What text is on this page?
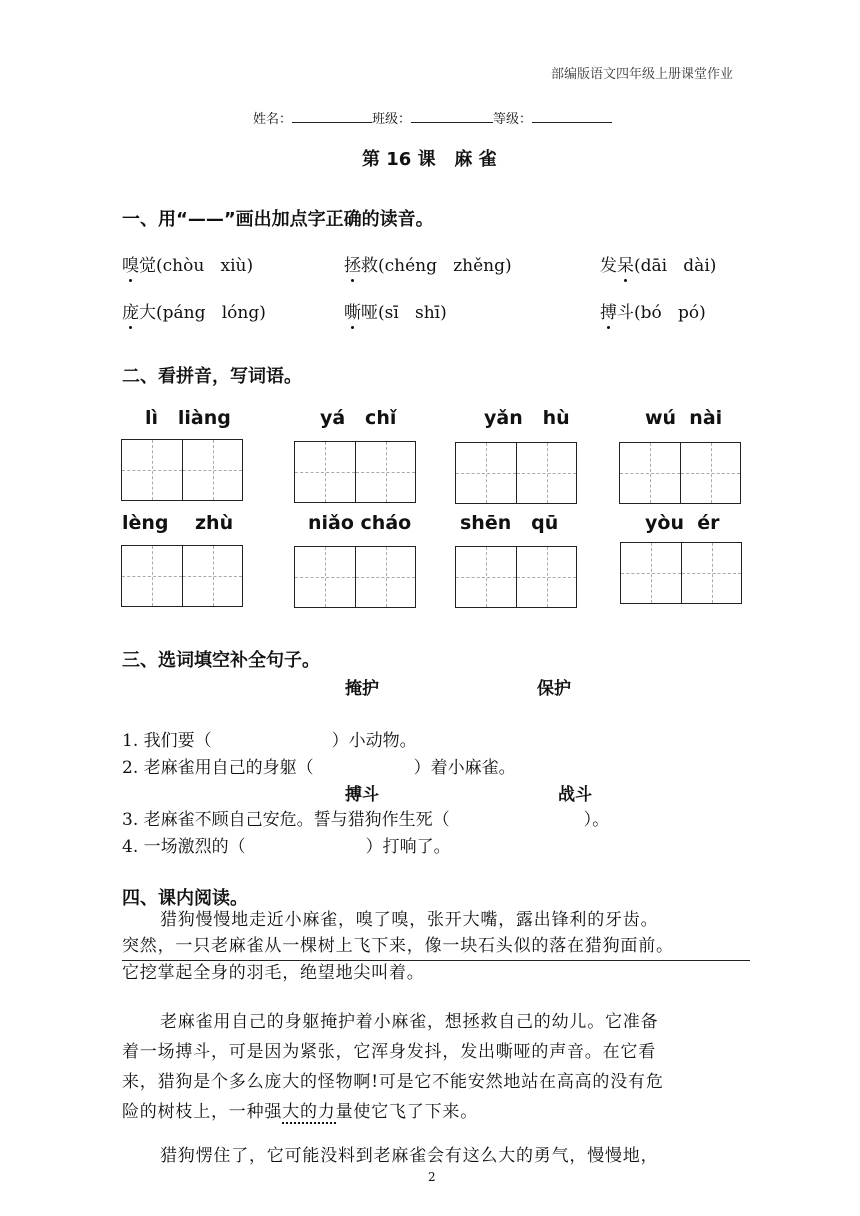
部编版语文四年级上册课堂作业
姓名：	班级：	等级：
第 16 课   麻 雀
一、用“——”画出加点字正确的读音。
嗅觉(chòu   xiù)	拯救(chéng   zhěng)	发呆(dāi   dài)
庞大(páng   lóng)	嘶哑(sī   shī)	搏斗(bó   pó)
二、看拼音，写词语。
lì   liàng	yá   chǐ	yǎn   hù	wú  nài
lèng    zhù	niǎo cháo	shēn   qū	yòu  ér
三、选词填空补全句子。
掩护	保护
1. 我们要（	）小动物。
2. 老麻雀用自己的身躯（	）着小麻雀。
搏斗	战斗
3. 老麻雀不顾自己安危。誓与猎狗作生死（	）。
4. 一场激烈的（	）打响了。
四、课内阅读。
猎狗慢慢地走近小麻雀，嗅了嗅，张开大嘴，露出锋利的牙齿。
突然，一只老麻雀从一棵树上飞下来，像一块石头似的落在猎狗面前。
它挖掌起全身的羽毛，绝望地尖叫着。
老麻雀用自己的身躯掩护着小麻雀，想拯救自己的幼儿。它准备
着一场搏斗，可是因为紧张，它浑身发抖，发出嘶哑的声音。在它看
来，猎狗是个多么庞大的怪物啊!可是它不能安然地站在高高的没有危
险的树枝上，一种强大的力量使它飞了下来。
猎狗愣住了，它可能没料到老麻雀会有这么大的勇气，慢慢地，
2
